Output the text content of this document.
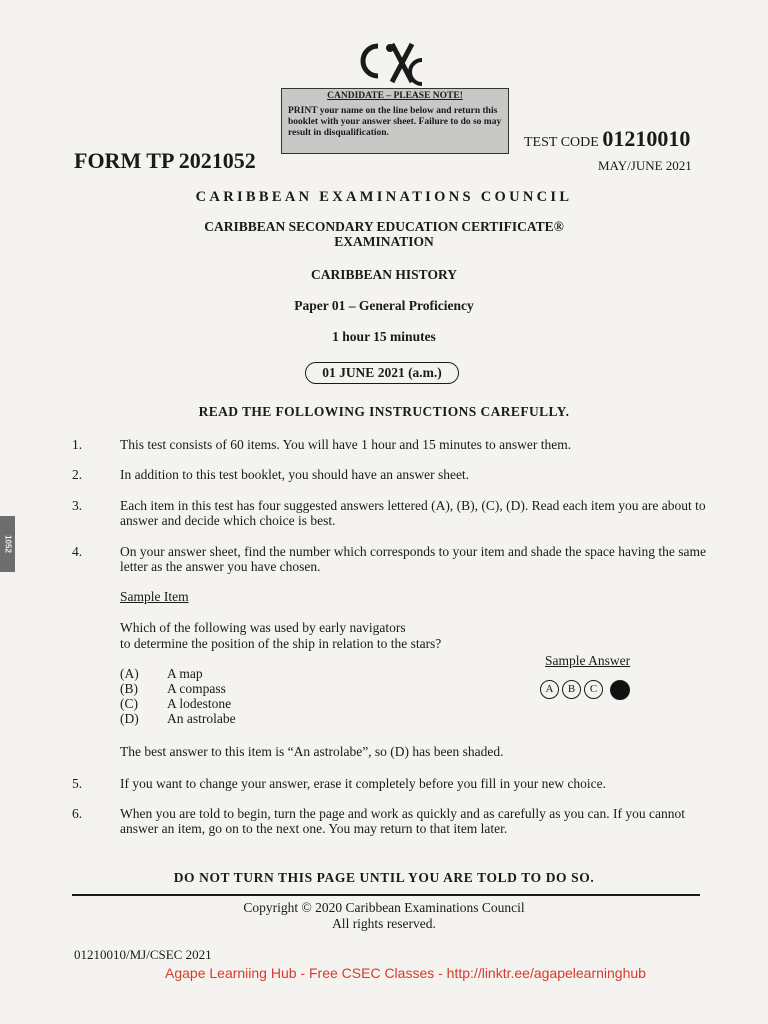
CANDIDATE – PLEASE NOTE!
PRINT your name on the line below and return this booklet with your answer sheet. Failure to do so may result in disqualification.
FORM TP 2021052
TEST CODE 01210010
MAY/JUNE 2021
CARIBBEAN EXAMINATIONS COUNCIL
CARIBBEAN SECONDARY EDUCATION CERTIFICATE®
EXAMINATION
CARIBBEAN HISTORY
Paper 01 – General Proficiency
1 hour 15 minutes
01 JUNE 2021 (a.m.)
READ THE FOLLOWING INSTRUCTIONS CAREFULLY.
1.	This test consists of 60 items. You will have 1 hour and 15 minutes to answer them.
2.	In addition to this test booklet, you should have an answer sheet.
3.	Each item in this test has four suggested answers lettered (A), (B), (C), (D). Read each item you are about to answer and decide which choice is best.
4.	On your answer sheet, find the number which corresponds to your item and shade the space having the same letter as the answer you have chosen.
Sample Item
Which of the following was used by early navigators
to determine the position of the ship in relation to the stars?
(A) A map
(B) A compass
(C) A lodestone
(D) An astrolabe
Sample Answer
A	B	C
The best answer to this item is “An astrolabe”, so (D) has been shaded.
5.	If you want to change your answer, erase it completely before you fill in your new choice.
6.	When you are told to begin, turn the page and work as quickly and as carefully as you can. If you cannot answer an item, go on to the next one. You may return to that item later.
DO NOT TURN THIS PAGE UNTIL YOU ARE TOLD TO DO SO.
Copyright © 2020 Caribbean Examinations Council
All rights reserved.
01210010/MJ/CSEC 2021
Agape Learniing Hub - Free CSEC Classes - http://linktr.ee/agapelearninghub
1052
